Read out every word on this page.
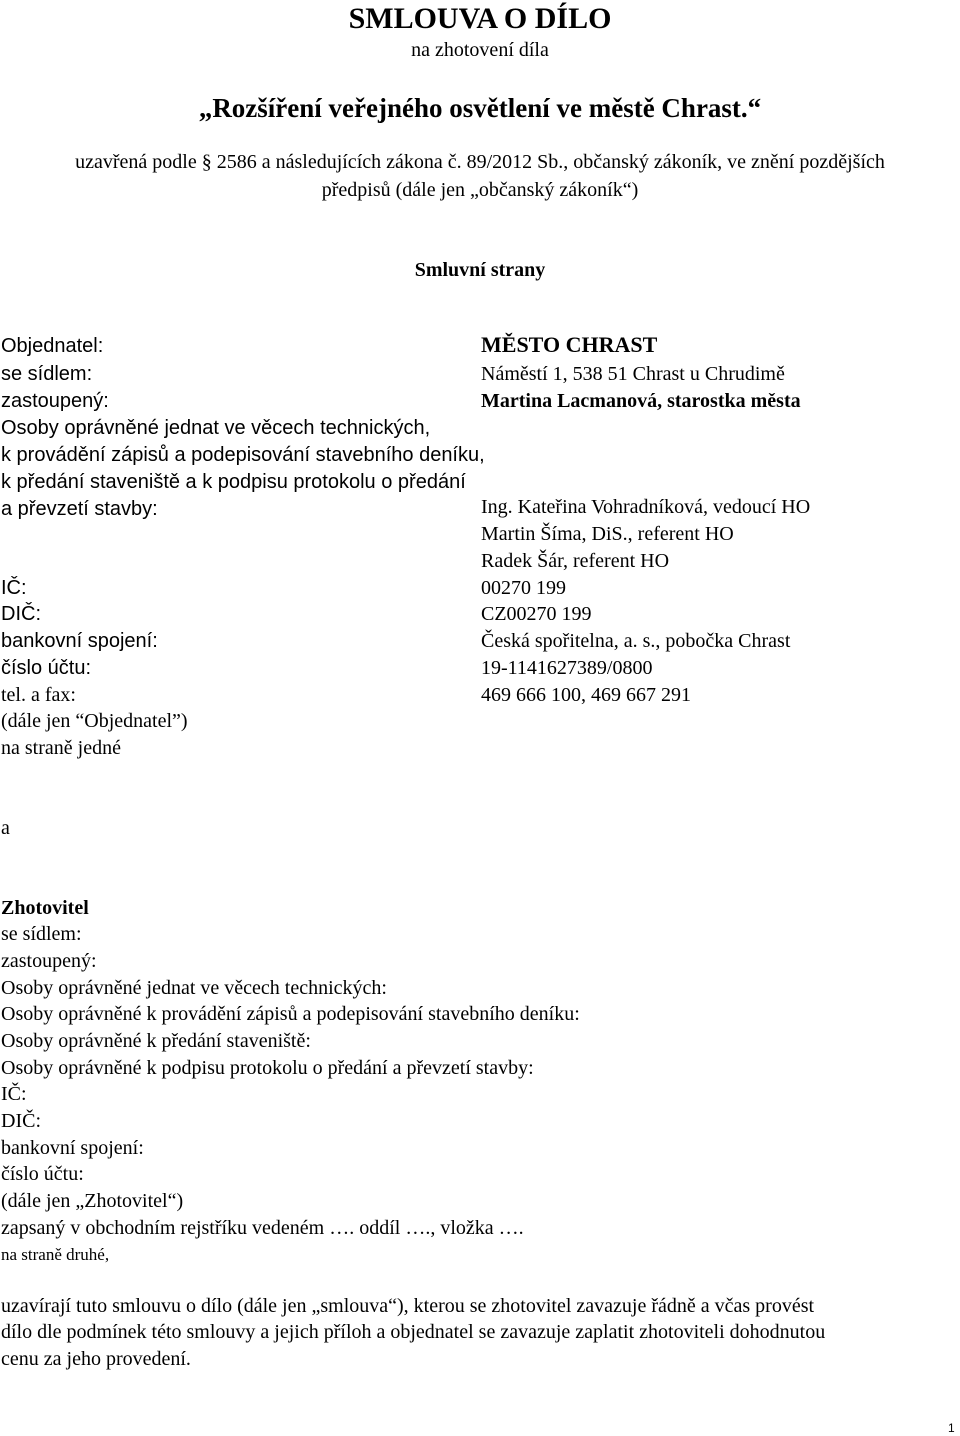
SMLOUVA O DÍLO
na zhotovení díla
„Rozšíření veřejného osvětlení ve městě Chrast.“
uzavřená podle § 2586 a následujících zákona č. 89/2012 Sb., občanský zákoník, ve znění pozdějších
předpisů (dále jen „občanský zákoník“)
Smluvní strany
Objednatel:	MĚSTO CHRAST
se sídlem:	Náměstí 1, 538 51 Chrast u Chrudimě
zastoupený:	Martina Lacmanová, starostka města
Osoby oprávněné jednat ve věcech technických,
k provádění zápisů a podepisování stavebního deníku,
k předání staveniště a k podpisu protokolu o předání
a převzetí stavby:	Ing. Kateřina Vohradníková, vedoucí HO
Martin Šíma, DiS., referent HO
Radek Šár, referent HO
IČ:	00270 199
DIČ:	CZ00270 199
bankovní spojení:	Česká spořitelna, a. s., pobočka Chrast
číslo účtu:	19-1141627389/0800
tel. a fax:	469 666 100, 469 667 291
(dále jen “Objednatel”)
na straně jedné
a
Zhotovitel
se sídlem:
zastoupený:
Osoby oprávněné jednat ve věcech technických:
Osoby oprávněné k provádění zápisů a podepisování stavebního deníku:
Osoby oprávněné k předání staveniště:
Osoby oprávněné k podpisu protokolu o předání a převzetí stavby:
IČ:
DIČ:
bankovní spojení:
číslo účtu:
(dále jen „Zhotovitel“)
zapsaný v obchodním rejstříku vedeném …. oddíl …., vložka ….
na straně druhé,
uzavírají tuto smlouvu o dílo (dále jen „smlouva“), kterou se zhotovitel zavazuje řádně a včas provést
dílo dle podmínek této smlouvy a jejich příloh a objednatel se zavazuje zaplatit zhotoviteli dohodnutou
cenu za jeho provedení.
1
